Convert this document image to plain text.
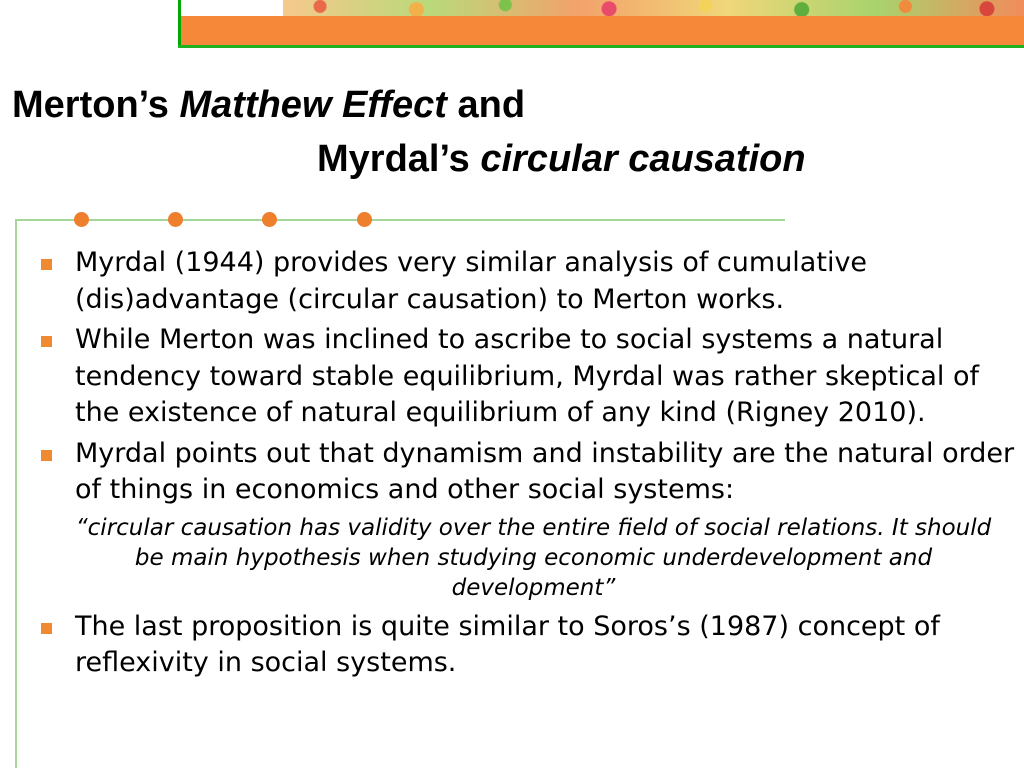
Merton’s Matthew Effect and
Myrdal’s circular causation
Myrdal (1944) provides very similar analysis of cumulative (dis)advantage (circular causation) to Merton works.
While Merton was inclined to ascribe to social systems a natural tendency toward stable equilibrium, Myrdal was rather skeptical of the existence of natural equilibrium of any kind (Rigney 2010).
Myrdal points out that dynamism and instability are the natural order of things in economics and other social systems:
“circular causation has validity over the entire field of social relations. It should be main hypothesis when studying economic underdevelopment and development”
The last proposition is quite similar to Soros’s (1987) concept of reflexivity in social systems.
